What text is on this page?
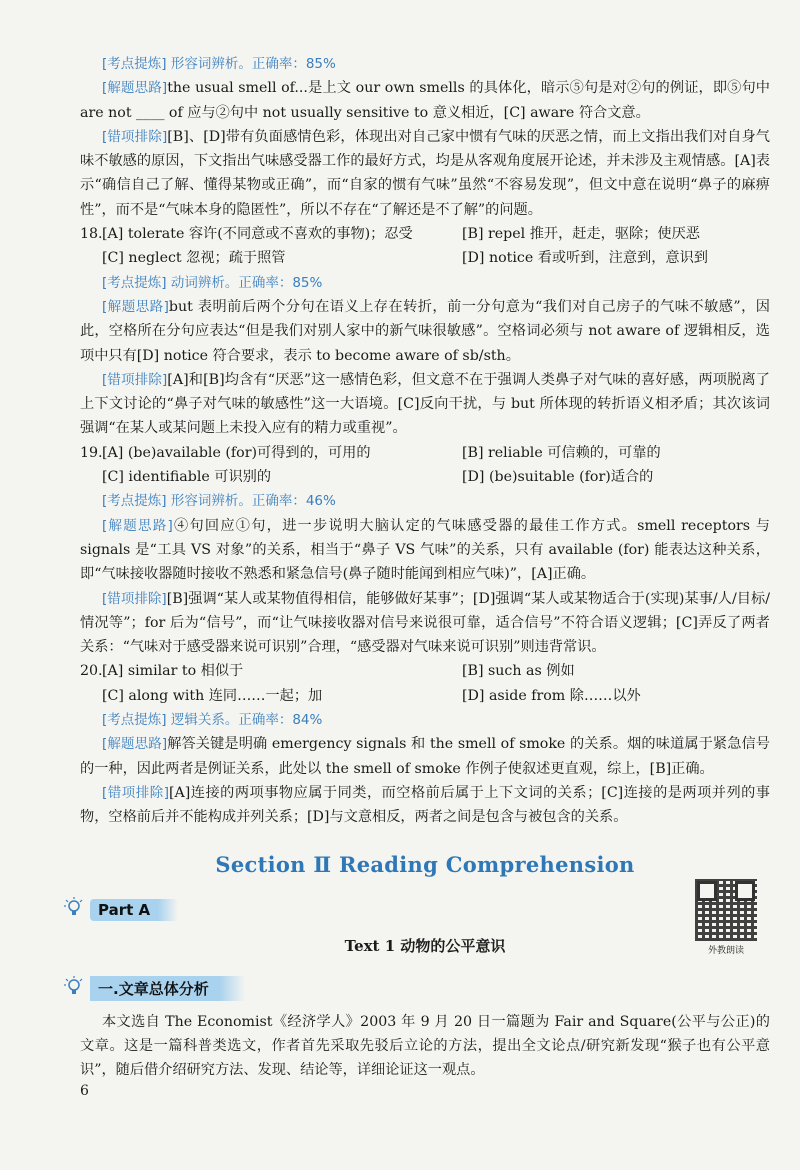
[考点提炼] 形容词辨析。正确率：85%

[解题思路]the usual smell of...是上文 our own smells 的具体化，暗示⑤句是对②句的例证，即⑤句中 are not ____ of 应与②句中 not usually sensitive to 意义相近，[C] aware 符合文意。

[错项排除][B]、[D]带有负面感情色彩，体现出对自己家中惯有气味的厌恶之情，而上文指出我们对自身气味不敏感的原因，下文指出气味感受器工作的最好方式，均是从客观角度展开论述，并未涉及主观情感。[A]表示“确信自己了解、懂得某物或正确”，而“自家的惯有气味”虽然“不容易发现”，但文中意在说明“鼻子的麻痹性”，而不是“气味本身的隐匿性”，所以不存在“了解还是不了解”的问题。

18. [A] tolerate 容许(不同意或不喜欢的事物)；忍受	[B] repel 推开，赶走，驱除；使厌恶
[C] neglect 忽视；疏于照管	[D] notice 看或听到，注意到，意识到
[考点提炼] 动词辨析。正确率：85%

[解题思路]but 表明前后两个分句在语义上存在转折，前一分句意为“我们对自己房子的气味不敏感”，因此，空格所在分句应表达“但是我们对别人家中的新气味很敏感”。空格词必须与 not aware of 逻辑相反，选项中只有[D] notice 符合要求，表示 to become aware of sb/sth。

[错项排除][A]和[B]均含有“厌恶”这一感情色彩，但文意不在于强调人类鼻子对气味的喜好感，两项脱离了上下文讨论的“鼻子对气味的敏感性”这一大语境。[C]反向干扰，与 but 所体现的转折语义相矛盾；其次该词强调“在某人或某问题上未投入应有的精力或重视”。

19. [A] (be)available (for)可得到的，可用的	[B] reliable 可信赖的，可靠的
[C] identifiable 可识别的	[D] (be)suitable (for)适合的
[考点提炼] 形容词辨析。正确率：46%

[解题思路]④句回应①句，进一步说明大脑认定的气味感受器的最佳工作方式。smell receptors 与 signals 是“工具 VS 对象”的关系，相当于“鼻子 VS 气味”的关系，只有 available (for) 能表达这种关系，即“气味接收器随时接收不熟悉和紧急信号(鼻子随时能闻到相应气味)”，[A]正确。

[错项排除][B]强调“某人或某物值得相信，能够做好某事”；[D]强调“某人或某物适合于(实现)某事/人/目标/情况等”；for 后为“信号”，而“让气味接收器对信号来说很可靠，适合信号”不符合语义逻辑；[C]弄反了两者关系：“气味对于感受器来说可识别”合理，“感受器对气味来说可识别”则违背常识。

20. [A] similar to 相似于	[B] such as 例如
[C] along with 连同……一起；加	[D] aside from 除……以外
[考点提炼] 逻辑关系。正确率：84%

[解题思路]解答关键是明确 emergency signals 和 the smell of smoke 的关系。烟的味道属于紧急信号的一种，因此两者是例证关系，此处以 the smell of smoke 作例子使叙述更直观，综上，[B]正确。

[错项排除][A]连接的两项事物应属于同类，而空格前后属于上下文词的关系；[C]连接的是两项并列的事物，空格前后并不能构成并列关系；[D]与文意相反，两者之间是包含与被包含的关系。

Section Ⅱ Reading Comprehension
Part A
外教朗读
Text 1 动物的公平意识
一.文章总体分析

本文选自 The Economist《经济学人》2003 年 9 月 20 日一篇题为 Fair and Square(公平与公正)的文章。这是一篇科普类选文，作者首先采取先驳后立论的方法，提出全文论点/研究新发现“猴子也有公平意识”，随后借介绍研究方法、发现、结论等，详细论证这一观点。

6
